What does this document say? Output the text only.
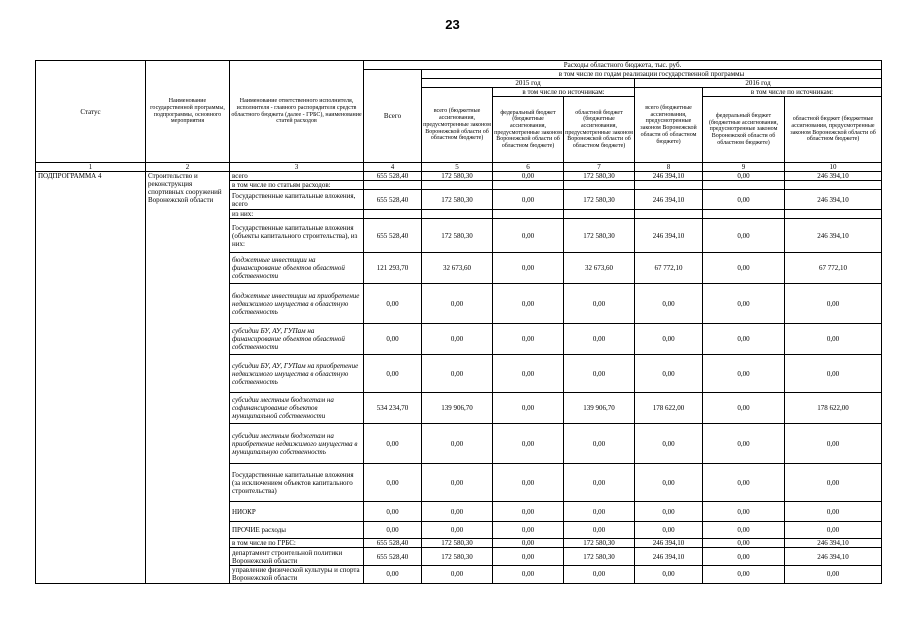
23
Статус	Наименование государственной программы, подпрограммы, основного мероприятия	Наименование ответственного исполнителя, исполнителя - главного распорядителя средств областного бюджета (далее - ГРБС), наименование статей расходов	Расходы областного бюджета, тыс. руб.						
			Всего	в том числе по годам реализации государственной программы					
				2015 год			2016 год		
				всего (бюджетные ассигнования, предусмотренные законом Воронежской области об областном бюджете)	в том числе по источникам:		всего (бюджетные ассигнования, предусмотренные законом Воронежской области об областном бюджете)	в том числе по источникам:	
					федеральный бюджет (бюджетные ассигнования, предусмотренные законом Воронежской области об областном бюджете)	областной бюджет (бюджетные ассигнования, предусмотренные законом Воронежской области об областном бюджете)		федеральный бюджет (бюджетные ассигнования, предусмотренные законом Воронежской области об областном бюджете)	областной бюджет (бюджетные ассигнования, предусмотренные законом Воронежской области об областном бюджете)
1	2	3	4	5	6	7	8	9	10
ПОДПРОГРАММА 4	Строительство и реконструкция спортивных сооружений Воронежской области	всего	655 528,40	172 580,30	0,00	172 580,30	246 394,10	0,00	246 394,10
		в том числе по статьям расходов:							
		Государственные капитальные вложения, всего	655 528,40	172 580,30	0,00	172 580,30	246 394,10	0,00	246 394,10
		из них:							
		Государственные капитальные вложения (объекты капитального строительства), из них:	655 528,40	172 580,30	0,00	172 580,30	246 394,10	0,00	246 394,10
		бюджетные инвестиции на финансирование объектов областной собственности	121 293,70	32 673,60	0,00	32 673,60	67 772,10	0,00	67 772,10
		бюджетные инвестиции на приобретение недвижимого имущества в областную собственность	0,00	0,00	0,00	0,00	0,00	0,00	0,00
		субсидии БУ, АУ, ГУПам на финансирование объектов областной собственности	0,00	0,00	0,00	0,00	0,00	0,00	0,00
		субсидии БУ, АУ, ГУПам на приобретение недвижимого имущества в областную собственность	0,00	0,00	0,00	0,00	0,00	0,00	0,00
		субсидии местным бюджетам на софинансирование объектов муниципальной собственности	534 234,70	139 906,70	0,00	139 906,70	178 622,00	0,00	178 622,00
		субсидии местным бюджетам на приобретение недвижимого имущества в муниципальную собственность	0,00	0,00	0,00	0,00	0,00	0,00	0,00
		Государственные капитальные вложения (за исключением объектов капитального строительства)	0,00	0,00	0,00	0,00	0,00	0,00	0,00
		НИОКР	0,00	0,00	0,00	0,00	0,00	0,00	0,00
		ПРОЧИЕ расходы	0,00	0,00	0,00	0,00	0,00	0,00	0,00
		в том числе по ГРБС:	655 528,40	172 580,30	0,00	172 580,30	246 394,10	0,00	246 394,10
		департамент строительной политики Воронежской области	655 528,40	172 580,30	0,00	172 580,30	246 394,10	0,00	246 394,10
		управление физической культуры и спорта Воронежской области	0,00	0,00	0,00	0,00	0,00	0,00	0,00
